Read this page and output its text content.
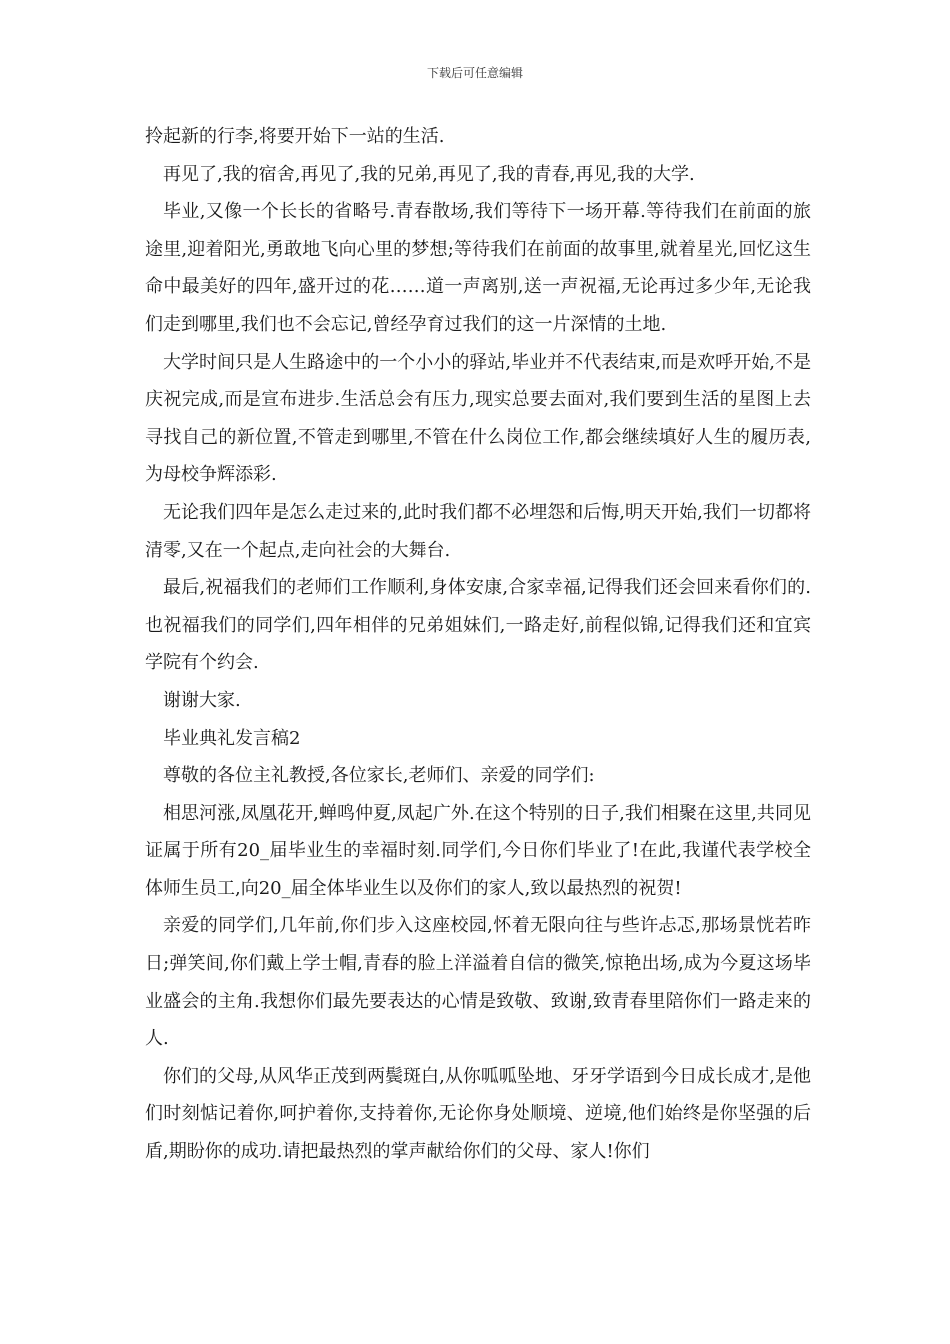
下载后可任意编辑

拎起新的行李,将要开始下一站的生活.

再见了,我的宿舍,再见了,我的兄弟,再见了,我的青春,再见,我的大学.

毕业,又像一个长长的省略号.青春散场,我们等待下一场开幕.等待我们在前面的旅途里,迎着阳光,勇敢地飞向心里的梦想;等待我们在前面的故事里,就着星光,回忆这生命中最美好的四年,盛开过的花……道一声离别,送一声祝福,无论再过多少年,无论我们走到哪里,我们也不会忘记,曾经孕育过我们的这一片深情的土地.

大学时间只是人生路途中的一个小小的驿站,毕业并不代表结束,而是欢呼开始,不是庆祝完成,而是宣布进步.生活总会有压力,现实总要去面对,我们要到生活的星图上去寻找自己的新位置,不管走到哪里,不管在什么岗位工作,都会继续填好人生的履历表,为母校争辉添彩.

无论我们四年是怎么走过来的,此时我们都不必埋怨和后悔,明天开始,我们一切都将清零,又在一个起点,走向社会的大舞台.

最后,祝福我们的老师们工作顺利,身体安康,合家幸福,记得我们还会回来看你们的.也祝福我们的同学们,四年相伴的兄弟姐妹们,一路走好,前程似锦,记得我们还和宜宾学院有个约会.

谢谢大家.

毕业典礼发言稿2

尊敬的各位主礼教授,各位家长,老师们、亲爱的同学们:

相思河涨,凤凰花开,蝉鸣仲夏,凤起广外.在这个特别的日子,我们相聚在这里,共同见证属于所有20_届毕业生的幸福时刻.同学们,今日你们毕业了!在此,我谨代表学校全体师生员工,向20_届全体毕业生以及你们的家人,致以最热烈的祝贺!

亲爱的同学们,几年前,你们步入这座校园,怀着无限向往与些许忐忑,那场景恍若昨日;弹笑间,你们戴上学士帽,青春的脸上洋溢着自信的微笑,惊艳出场,成为今夏这场毕业盛会的主角.我想你们最先要表达的心情是致敬、致谢,致青春里陪你们一路走来的人.

你们的父母,从风华正茂到两鬓斑白,从你呱呱坠地、牙牙学语到今日成长成才,是他们时刻惦记着你,呵护着你,支持着你,无论你身处顺境、逆境,他们始终是你坚强的后盾,期盼你的成功.请把最热烈的掌声献给你们的父母、家人!你们
